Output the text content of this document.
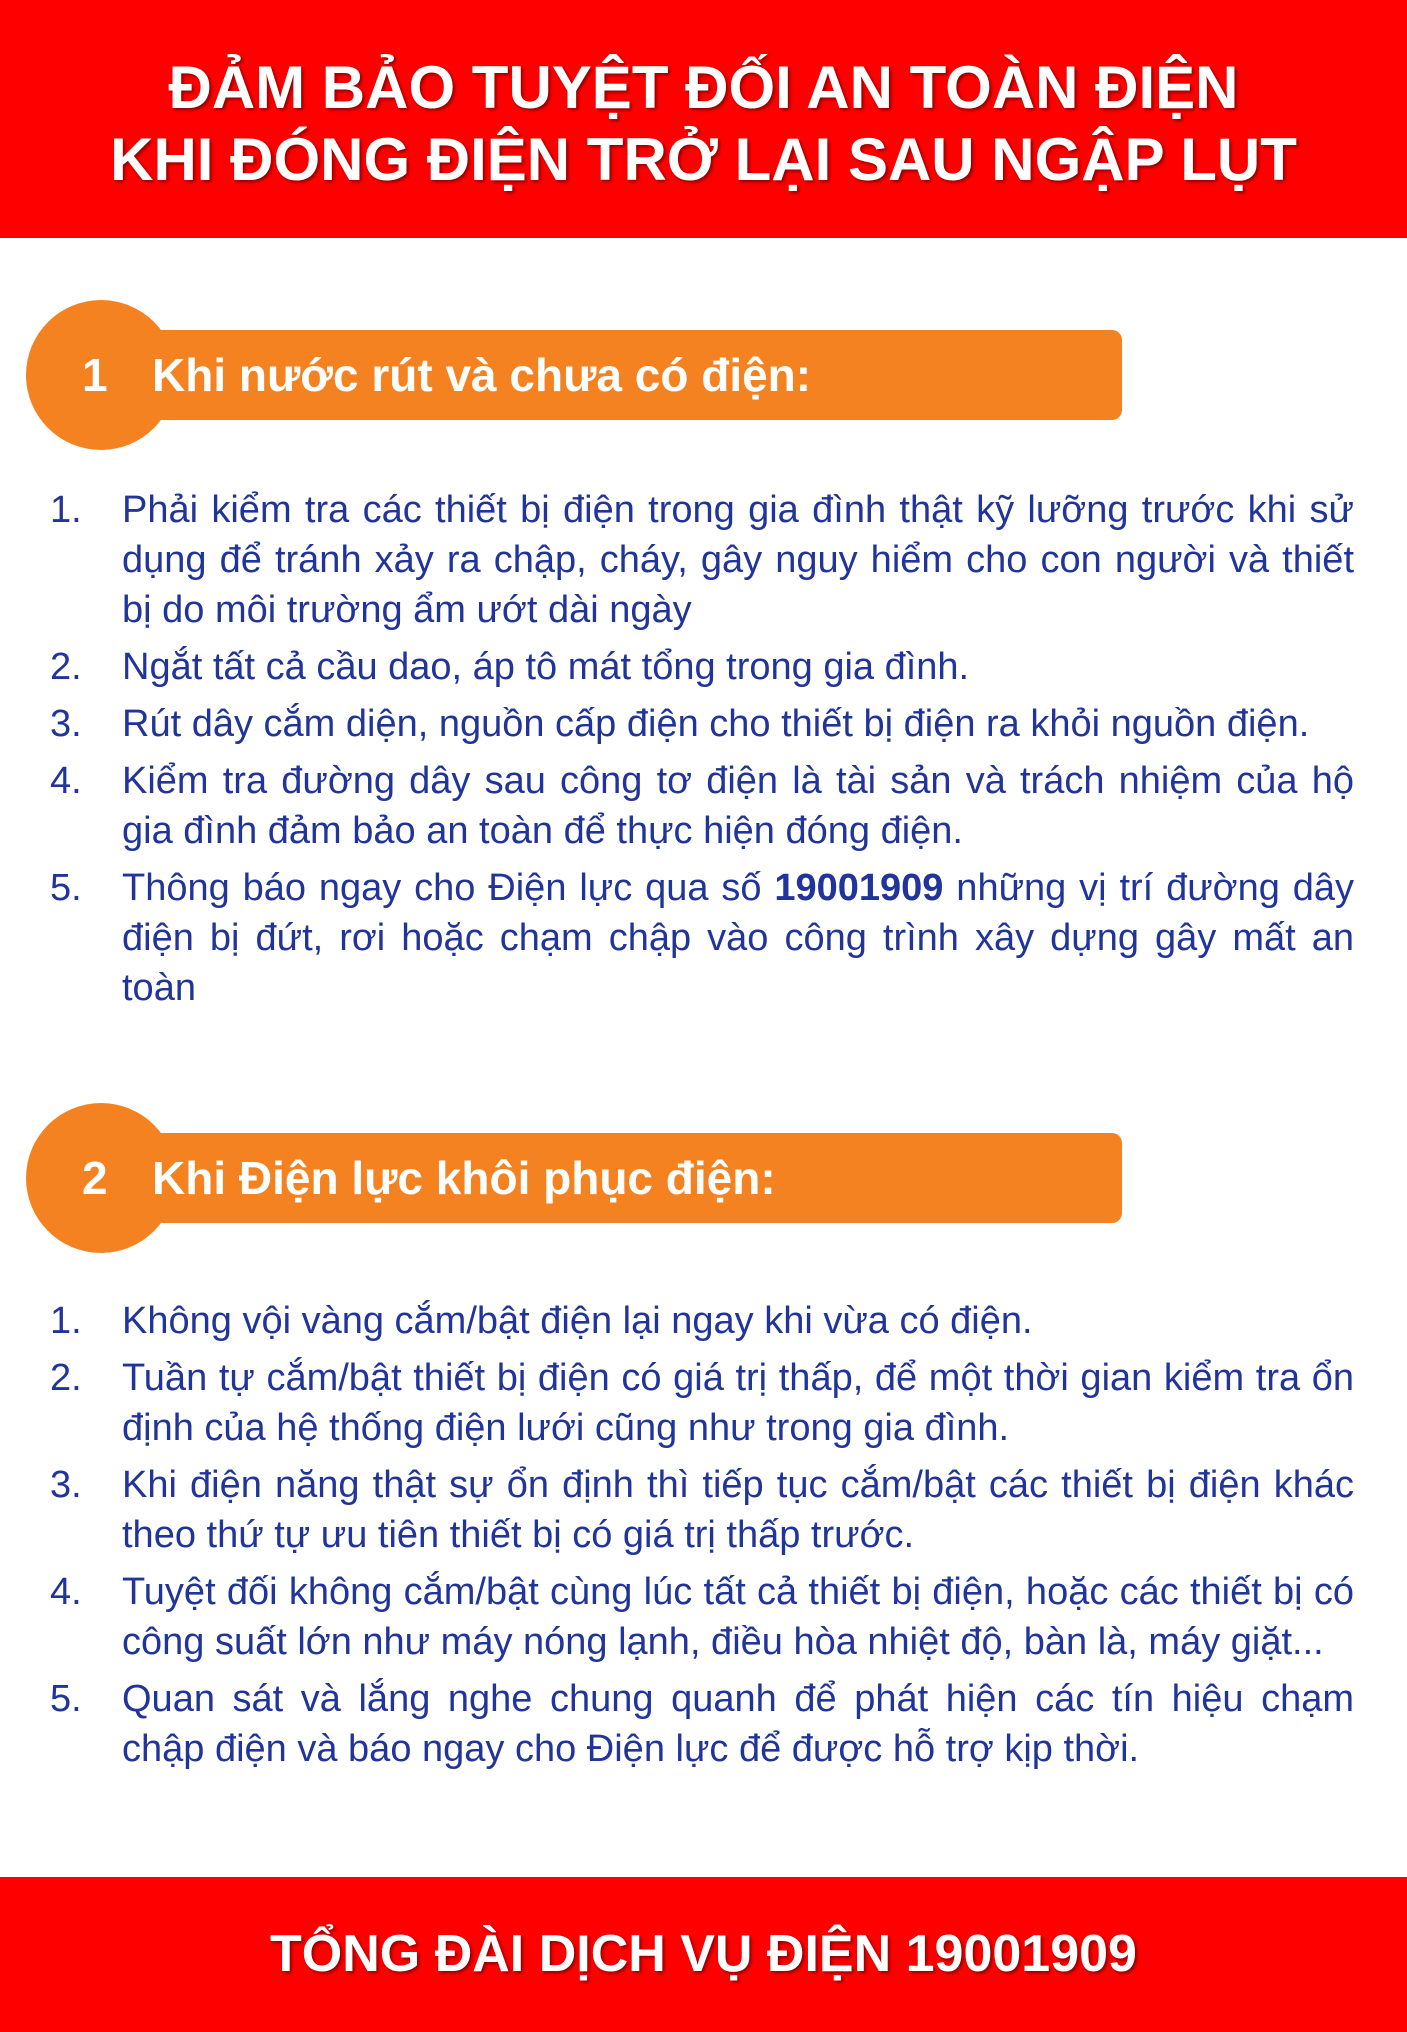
ĐẢM BẢO TUYỆT ĐỐI AN TOÀN ĐIỆN
KHI ĐÓNG ĐIỆN TRỞ LẠI SAU NGẬP LỤT
1 Khi nước rút và chưa có điện:
1. Phải kiểm tra các thiết bị điện trong gia đình thật kỹ lưỡng trước khi sử dụng để tránh xảy ra chập, cháy, gây nguy hiểm cho con người và thiết bị do môi trường ẩm ướt dài ngày
2. Ngắt tất cả cầu dao, áp tô mát tổng trong gia đình.
3. Rút dây cắm diện, nguồn cấp điện cho thiết bị điện ra khỏi nguồn điện.
4. Kiểm tra đường dây sau công tơ điện là tài sản và trách nhiệm của hộ gia đình đảm bảo an toàn để thực hiện đóng điện.
5. Thông báo ngay cho Điện lực qua số 19001909 những vị trí đường dây điện bị đứt, rơi hoặc chạm chập vào công trình xây dựng gây mất an toàn
2 Khi Điện lực khôi phục điện:
1. Không vội vàng cắm/bật điện lại ngay khi vừa có điện.
2. Tuần tự cắm/bật thiết bị điện có giá trị thấp, để một thời gian kiểm tra ổn định của hệ thống điện lưới cũng như trong gia đình.
3. Khi điện năng thật sự ổn định thì tiếp tục cắm/bật các thiết bị điện khác theo thứ tự ưu tiên thiết bị có giá trị thấp trước.
4. Tuyệt đối không cắm/bật cùng lúc tất cả thiết bị điện, hoặc các thiết bị có công suất lớn như máy nóng lạnh, điều hòa nhiệt độ, bàn là, máy giặt...
5. Quan sát và lắng nghe chung quanh để phát hiện các tín hiệu chạm chập điện và báo ngay cho Điện lực để được hỗ trợ kịp thời.
TỔNG ĐÀI DỊCH VỤ ĐIỆN 19001909
